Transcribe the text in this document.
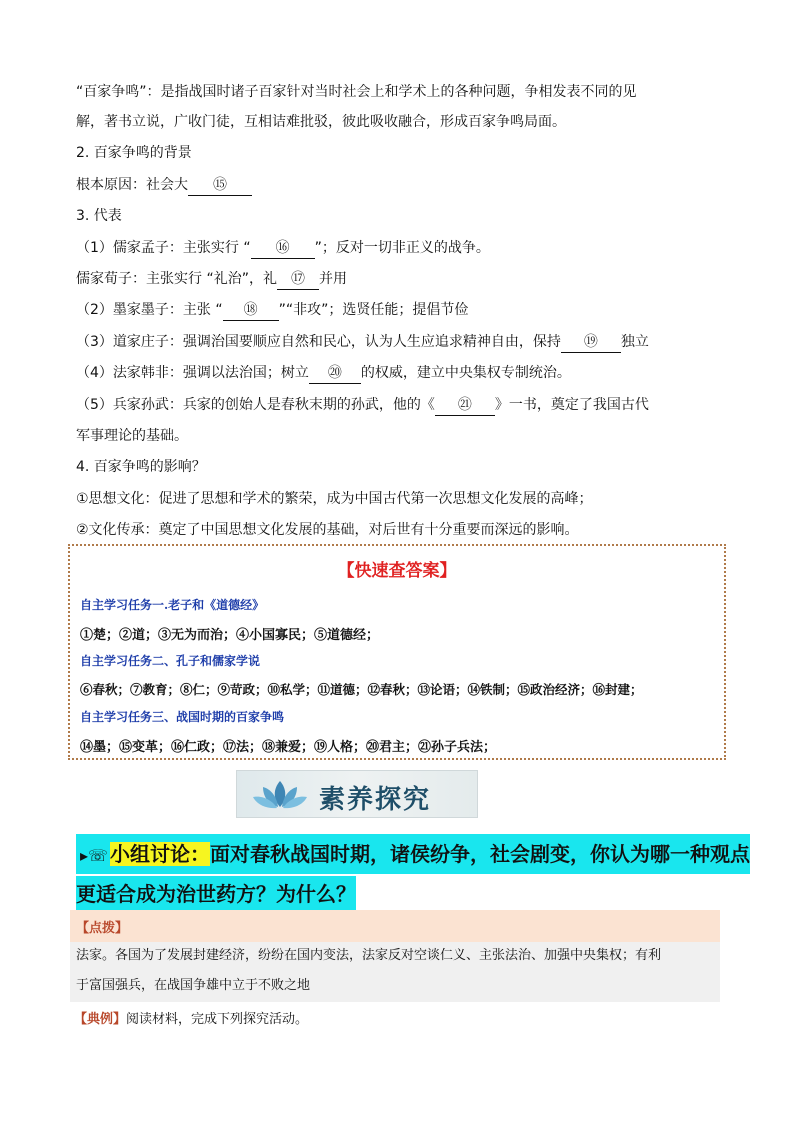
“百家争鸣”：是指战国时诸子百家针对当时社会上和学术上的各种问题，争相发表不同的见
解，著书立说，广收门徒，互相诘难批驳，彼此吸收融合，形成百家争鸣局面。
2. 百家争鸣的背景
根本原因：社会大 ⑮
3. 代表
（1）儒家孟子：主张实行 “ ⑯ ”；反对一切非正义的战争。
儒家荀子：主张实行 “礼治”，礼 ⑰ 并用
（2）墨家墨子：主张 “ ⑱ ”“非攻”；选贤任能；提倡节俭
（3）道家庄子：强调治国要顺应自然和民心，认为人生应追求精神自由，保持 ⑲ 独立
（4）法家韩非：强调以法治国；树立 ⑳ 的权威，建立中央集权专制统治。
（5）兵家孙武：兵家的创始人是春秋末期的孙武，他的《 ㉑ 》一书，奠定了我国古代
军事理论的基础。
4. 百家争鸣的影响？
①思想文化：促进了思想和学术的繁荣，成为中国古代第一次思想文化发展的高峰；
②文化传承：奠定了中国思想文化发展的基础，对后世有十分重要而深远的影响。
【快速查答案】
自主学习任务一.老子和《道德经》
①楚；②道；③无为而治；④小国寡民；⑤道德经；
自主学习任务二、孔子和儒家学说
⑥春秋；⑦教育；⑧仁；⑨苛政；⑩私学；⑪道德；⑫春秋；⑬论语；⑭铁制；⑮政治经济；⑯封建；
自主学习任务三、战国时期的百家争鸣
⑭墨；⑮变革；⑯仁政；⑰法；⑱兼爱；⑲人格；⑳君主；㉑孙子兵法；
素养探究
▸☏ 小组讨论：面对春秋战国时期，诸侯纷争，社会剧变，你认为哪一种观点
更适合成为治世药方？为什么？
【点拨】
法家。各国为了发展封建经济，纷纷在国内变法，法家反对空谈仁义、主张法治、加强中央集权；有利
于富国强兵，在战国争雄中立于不败之地
【典例】阅读材料，完成下列探究活动。
